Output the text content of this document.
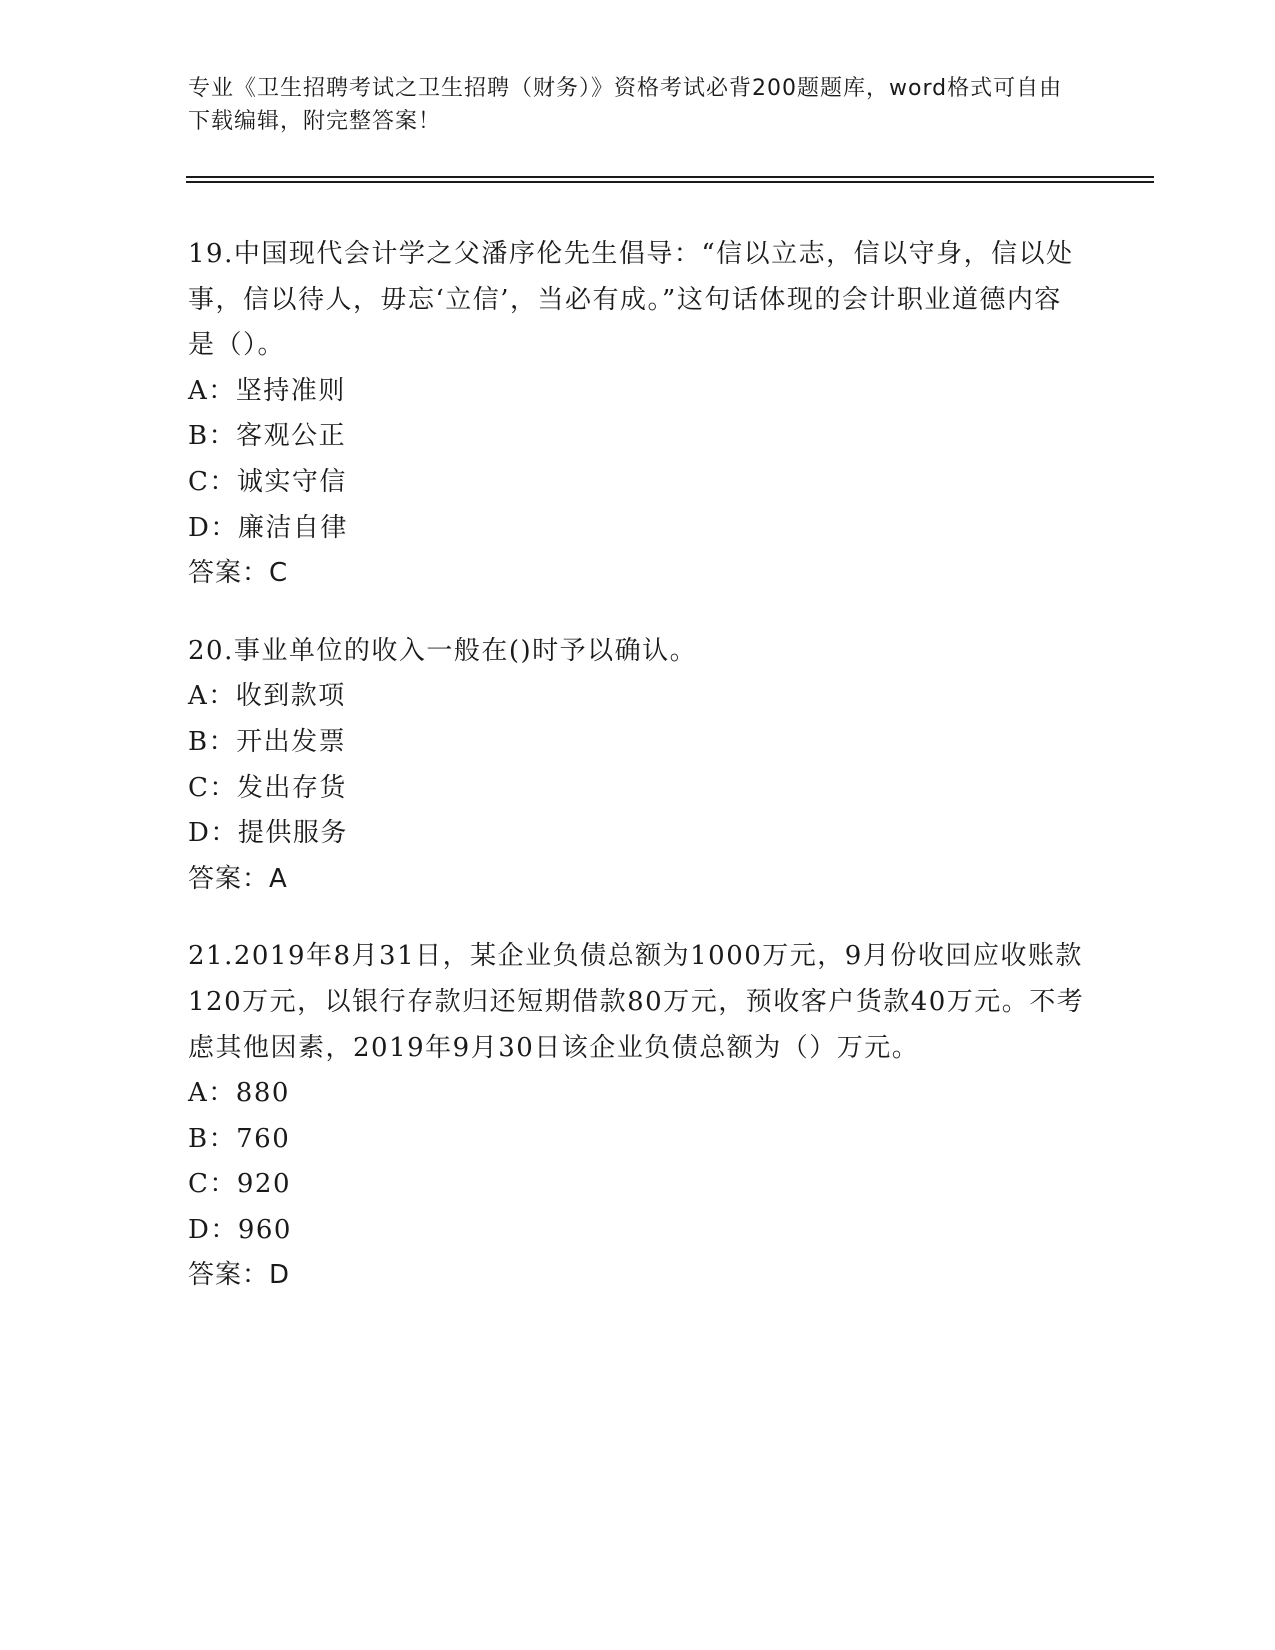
专业《卫生招聘考试之卫生招聘（财务）》资格考试必背200题题库，word格式可自由下载编辑，附完整答案！

19.中国现代会计学之父潘序伦先生倡导：“信以立志，信以守身，信以处事，信以待人，毋忘‘立信’，当必有成。”这句话体现的会计职业道德内容是（）。

A：坚持准则

B：客观公正

C：诚实守信

D：廉洁自律

答案：C

20.事业单位的收入一般在()时予以确认。

A：收到款项

B：开出发票

C：发出存货

D：提供服务

答案：A

21.2019年8月31日，某企业负债总额为1000万元，9月份收回应收账款120万元，以银行存款归还短期借款80万元，预收客户货款40万元。不考虑其他因素，2019年9月30日该企业负债总额为（）万元。

A：880

B：760

C：920

D：960

答案：D
